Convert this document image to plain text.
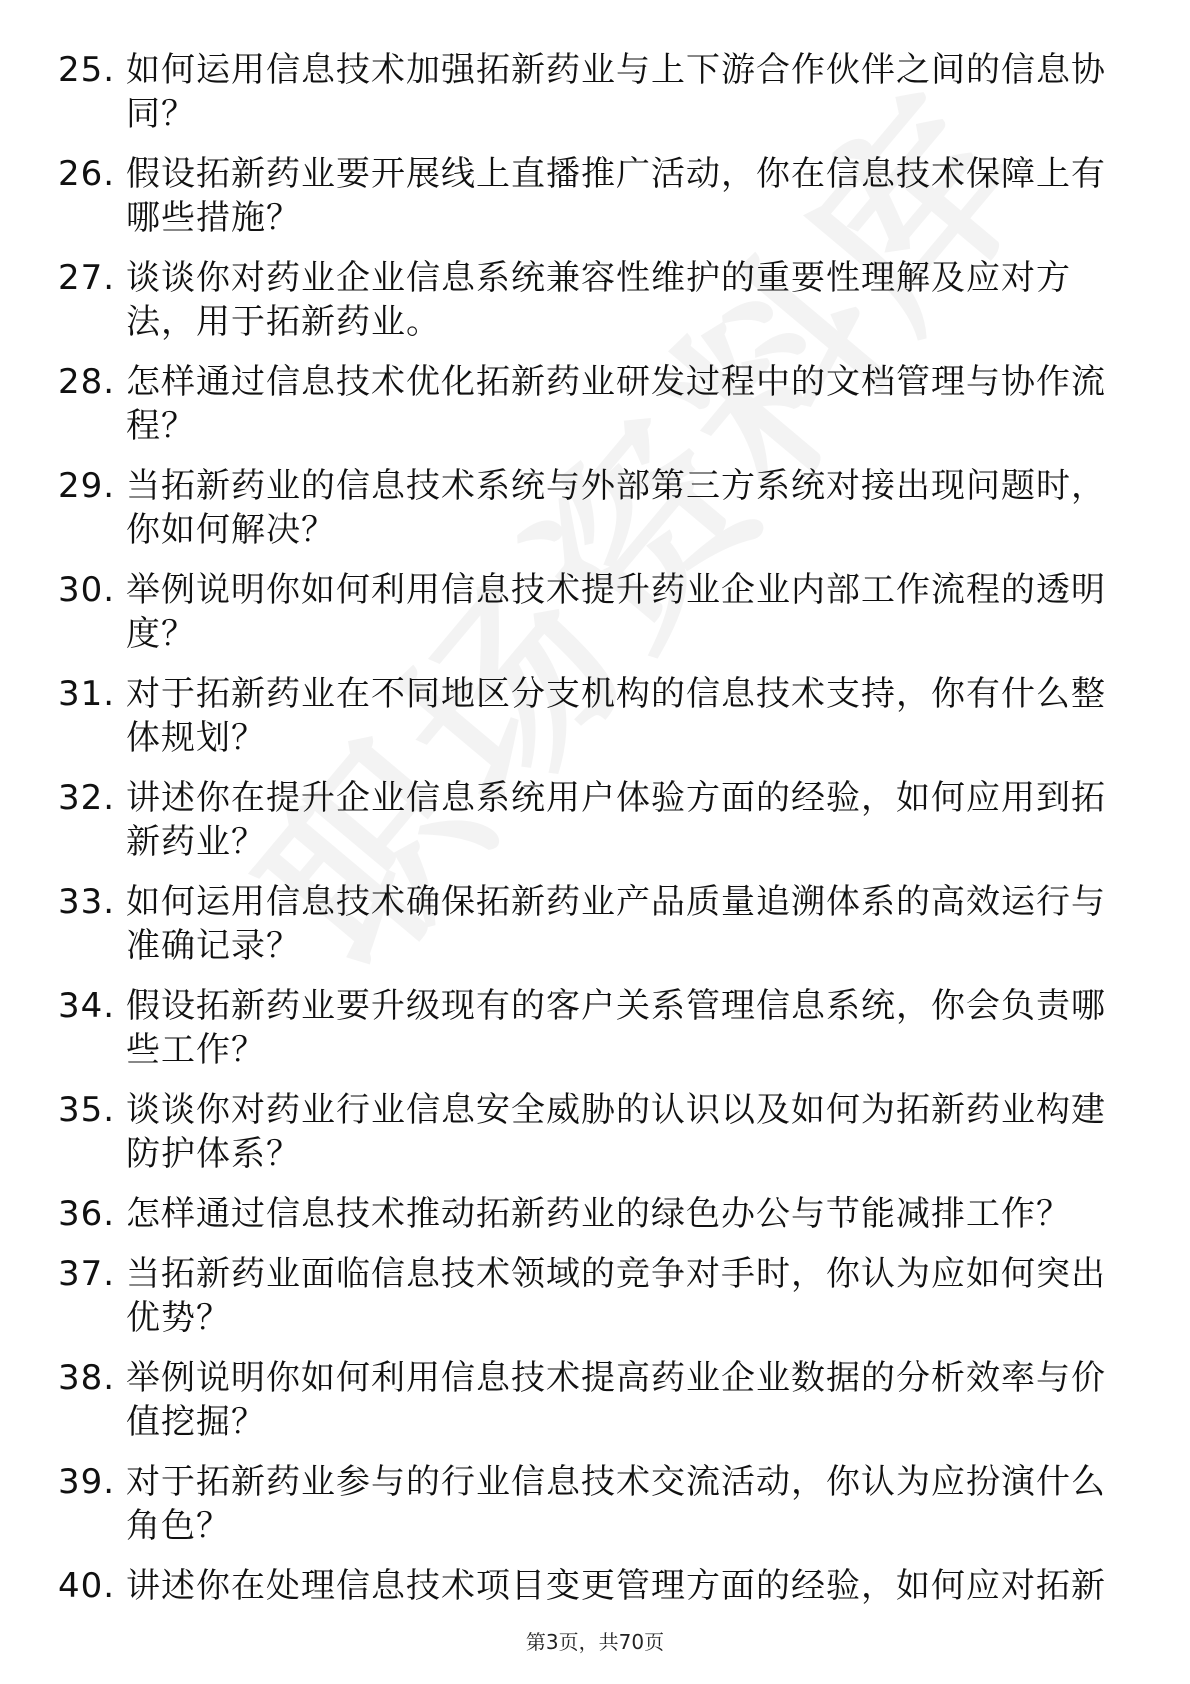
25. 如何运用信息技术加强拓新药业与上下游合作伙伴之间的信息协同？
26. 假设拓新药业要开展线上直播推广活动，你在信息技术保障上有哪些措施？
27. 谈谈你对药业企业信息系统兼容性维护的重要性理解及应对方法，用于拓新药业。
28. 怎样通过信息技术优化拓新药业研发过程中的文档管理与协作流程？
29. 当拓新药业的信息技术系统与外部第三方系统对接出现问题时，你如何解决？
30. 举例说明你如何利用信息技术提升药业企业内部工作流程的透明度？
31. 对于拓新药业在不同地区分支机构的信息技术支持，你有什么整体规划？
32. 讲述你在提升企业信息系统用户体验方面的经验，如何应用到拓新药业？
33. 如何运用信息技术确保拓新药业产品质量追溯体系的高效运行与准确记录？
34. 假设拓新药业要升级现有的客户关系管理信息系统，你会负责哪些工作？
35. 谈谈你对药业行业信息安全威胁的认识以及如何为拓新药业构建防护体系？
36. 怎样通过信息技术推动拓新药业的绿色办公与节能减排工作？
37. 当拓新药业面临信息技术领域的竞争对手时，你认为应如何突出优势？
38. 举例说明你如何利用信息技术提高药业企业数据的分析效率与价值挖掘？
39. 对于拓新药业参与的行业信息技术交流活动，你认为应扮演什么角色？
40. 讲述你在处理信息技术项目变更管理方面的经验，如何应对拓新
第3页，共70页
